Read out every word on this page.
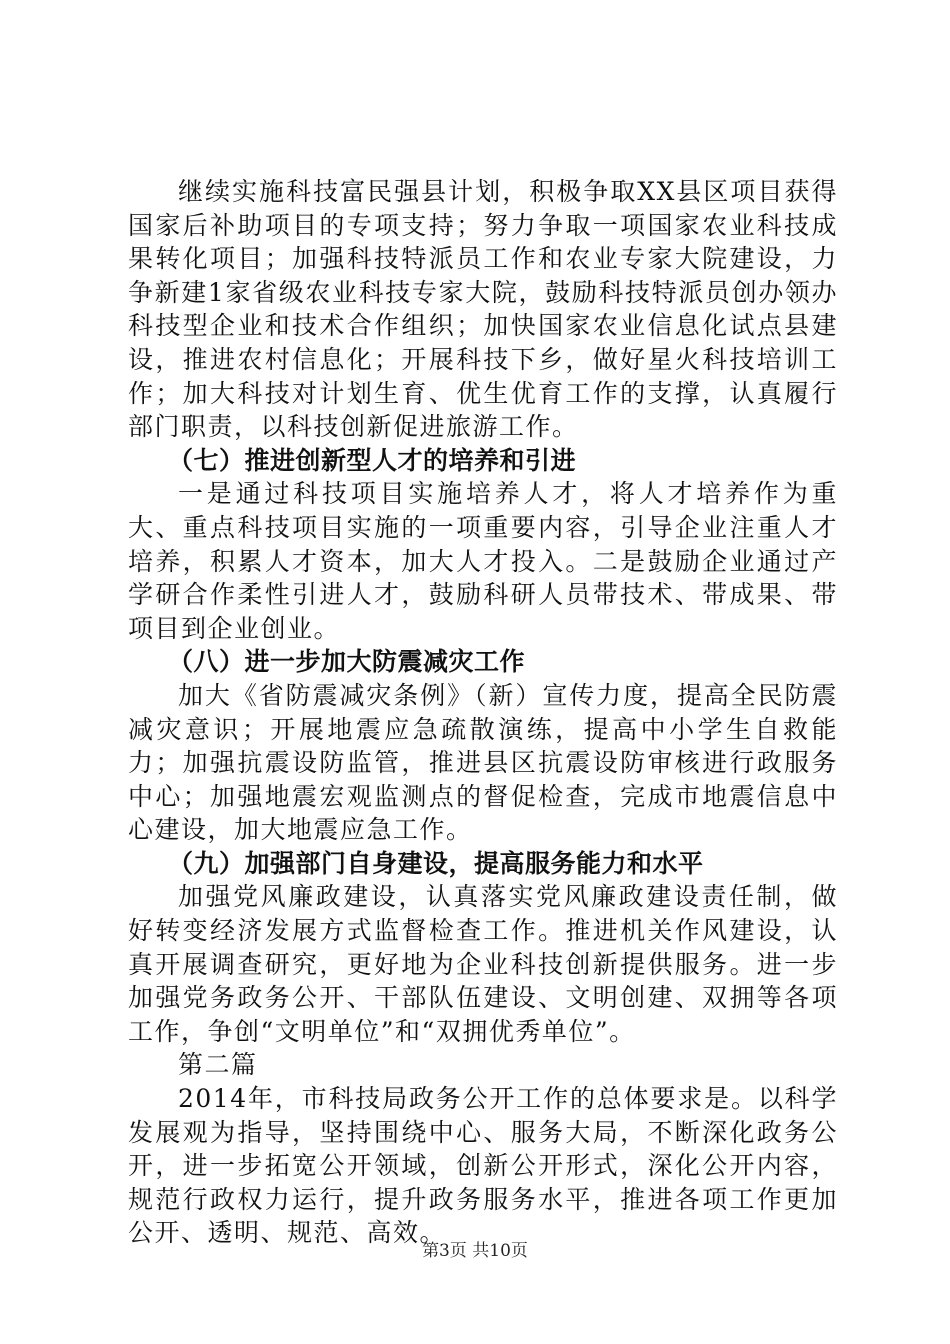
继续实施科技富民强县计划，积极争取XX县区项目获得国家后补助项目的专项支持；努力争取一项国家农业科技成果转化项目；加强科技特派员工作和农业专家大院建设，力争新建1家省级农业科技专家大院，鼓励科技特派员创办领办科技型企业和技术合作组织；加快国家农业信息化试点县建设，推进农村信息化；开展科技下乡，做好星火科技培训工作；加大科技对计划生育、优生优育工作的支撑，认真履行部门职责，以科技创新促进旅游工作。

（七）推进创新型人才的培养和引进

一是通过科技项目实施培养人才，将人才培养作为重大、重点科技项目实施的一项重要内容，引导企业注重人才培养，积累人才资本，加大人才投入。二是鼓励企业通过产学研合作柔性引进人才，鼓励科研人员带技术、带成果、带项目到企业创业。

（八）进一步加大防震减灾工作

加大《省防震减灾条例》（新）宣传力度，提高全民防震减灾意识；开展地震应急疏散演练，提高中小学生自救能力；加强抗震设防监管，推进县区抗震设防审核进行政服务中心；加强地震宏观监测点的督促检查，完成市地震信息中心建设，加大地震应急工作。

（九）加强部门自身建设，提高服务能力和水平

加强党风廉政建设，认真落实党风廉政建设责任制，做好转变经济发展方式监督检查工作。推进机关作风建设，认真开展调查研究，更好地为企业科技创新提供服务。进一步加强党务政务公开、干部队伍建设、文明创建、双拥等各项工作，争创“文明单位”和“双拥优秀单位”。

第二篇

2014年，市科技局政务公开工作的总体要求是。以科学发展观为指导，坚持围绕中心、服务大局，不断深化政务公开，进一步拓宽公开领域，创新公开形式，深化公开内容，规范行政权力运行，提升政务服务水平，推进各项工作更加公开、透明、规范、高效。

第3页 共10页
